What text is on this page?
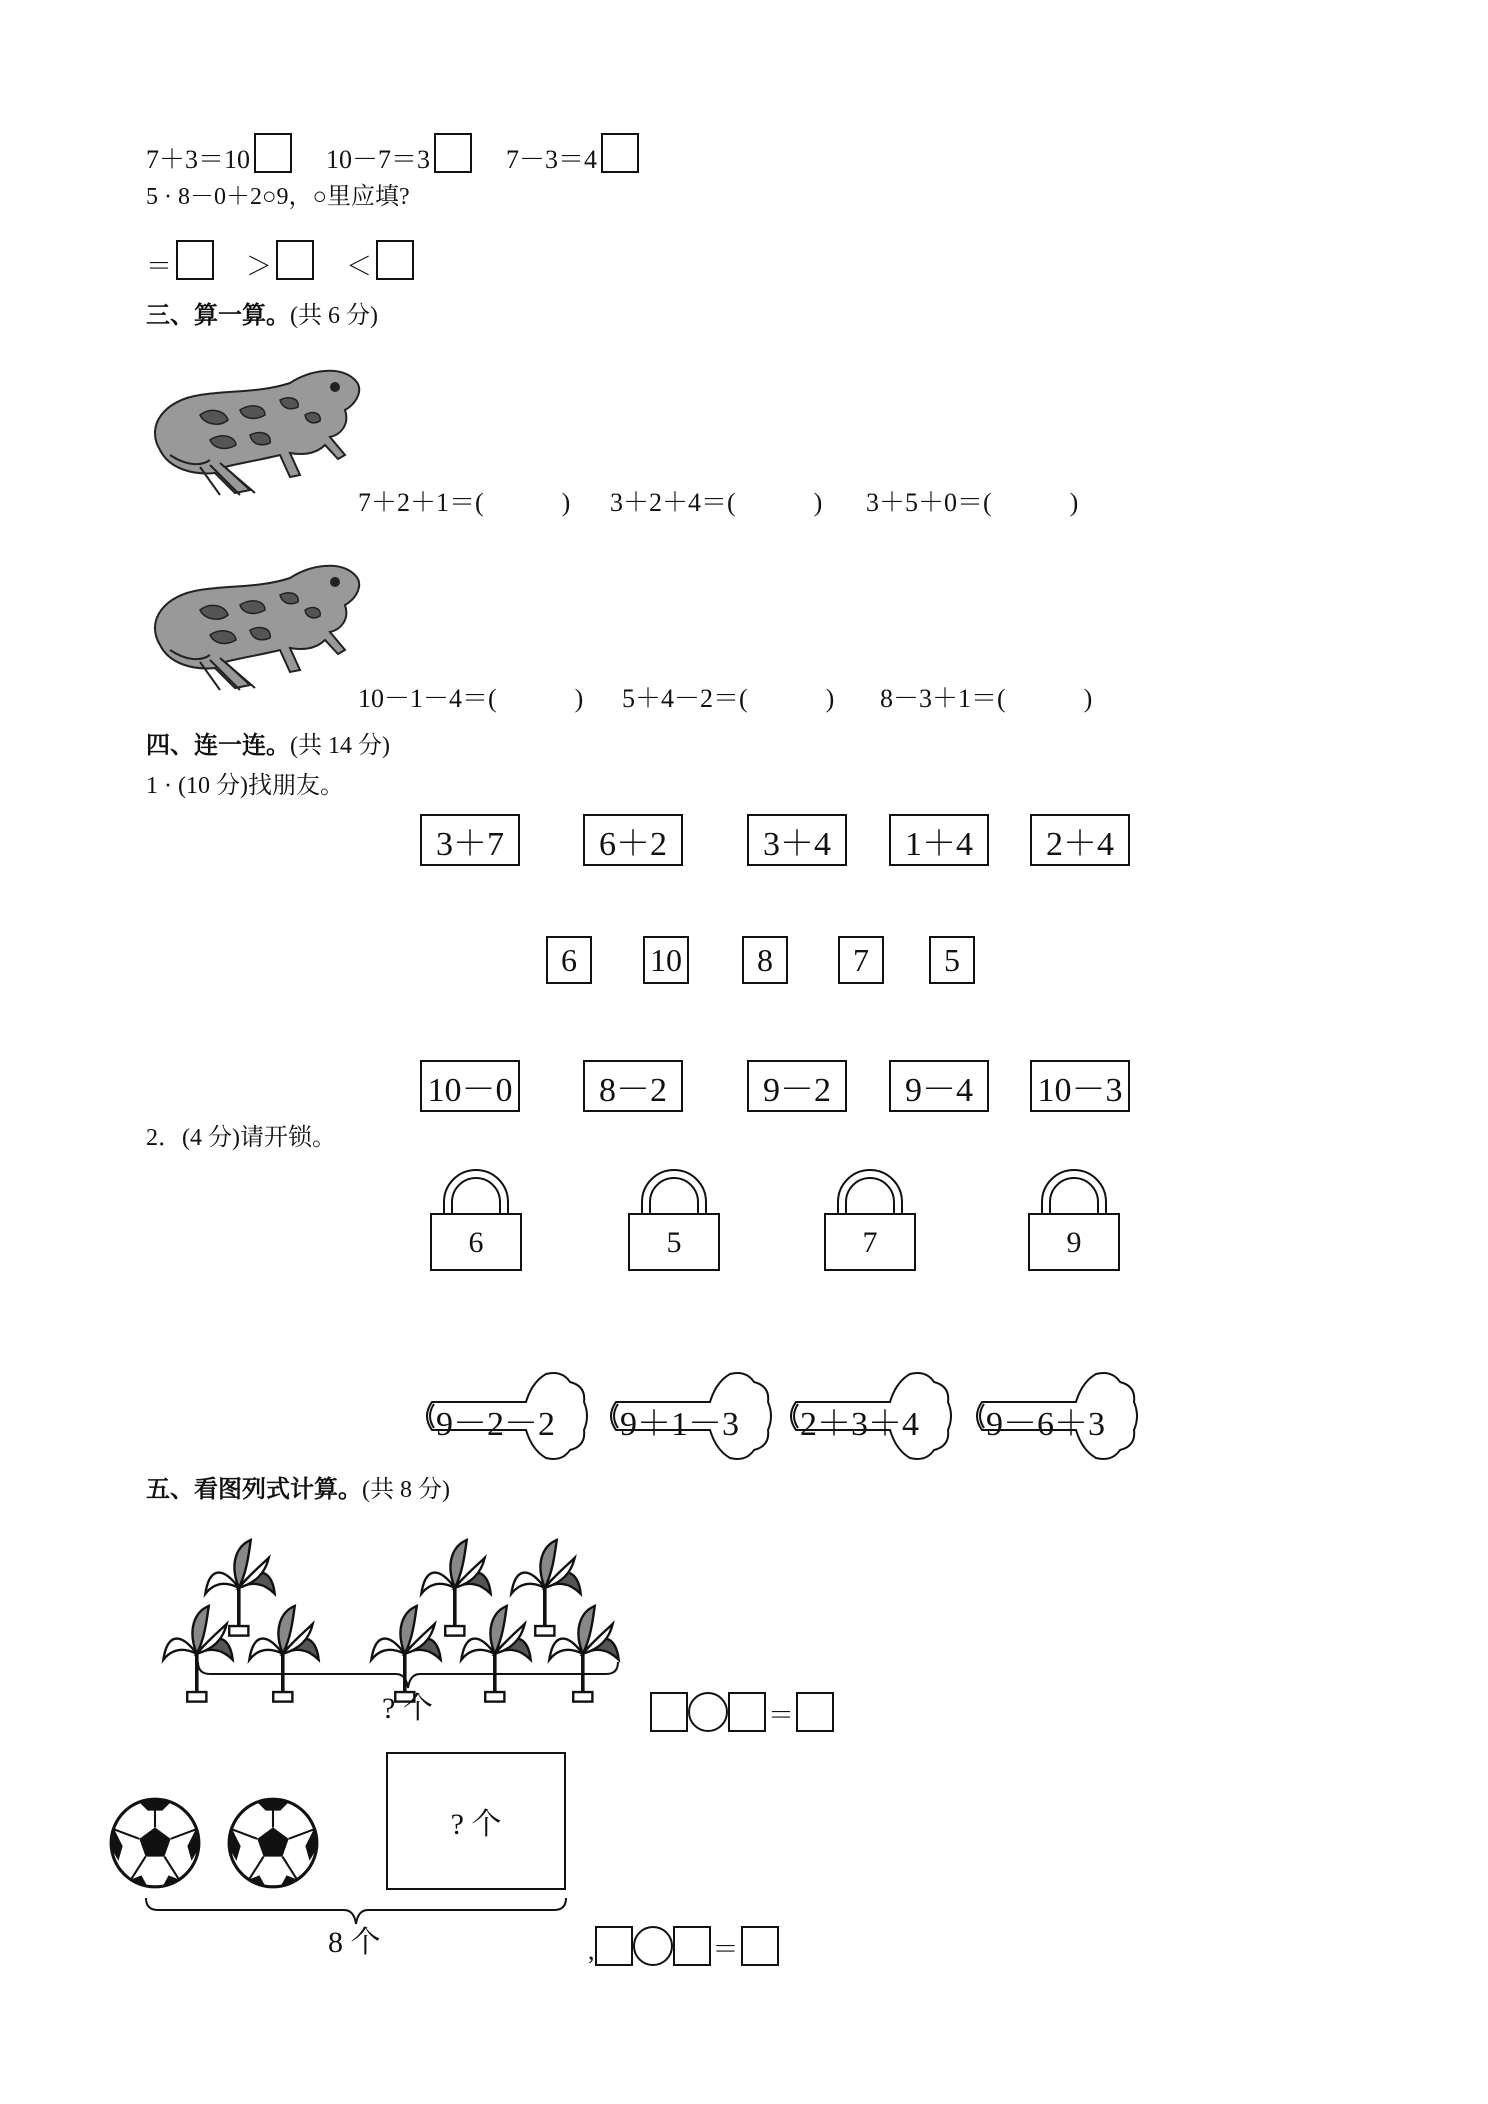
7＋3＝10	10－7＝3	7－3＝4
5 · 8－0＋2○9，○里应填?
＝	＞	＜
三、算一算。(共 6 分)
7＋2＋1＝(　　　) 3＋2＋4＝(　　　) 3＋5＋0＝(　　　)
10－1－4＝(　　　) 5＋4－2＝(　　　) 8－3＋1＝(　　　)
四、连一连。(共 14 分)
1 · (10 分)找朋友。
3＋7	6＋2	3＋4	1＋4	2＋4
6	10	8	7	5
10－0	8－2	9－2	9－4	10－3
2．(4 分)请开锁。
6	5	7	9
9－2－2 9＋1－3 2＋3＋4 9－6＋3
五、看图列式计算。(共 8 分)
? 个	＝
? 个
8 个	,	＝
